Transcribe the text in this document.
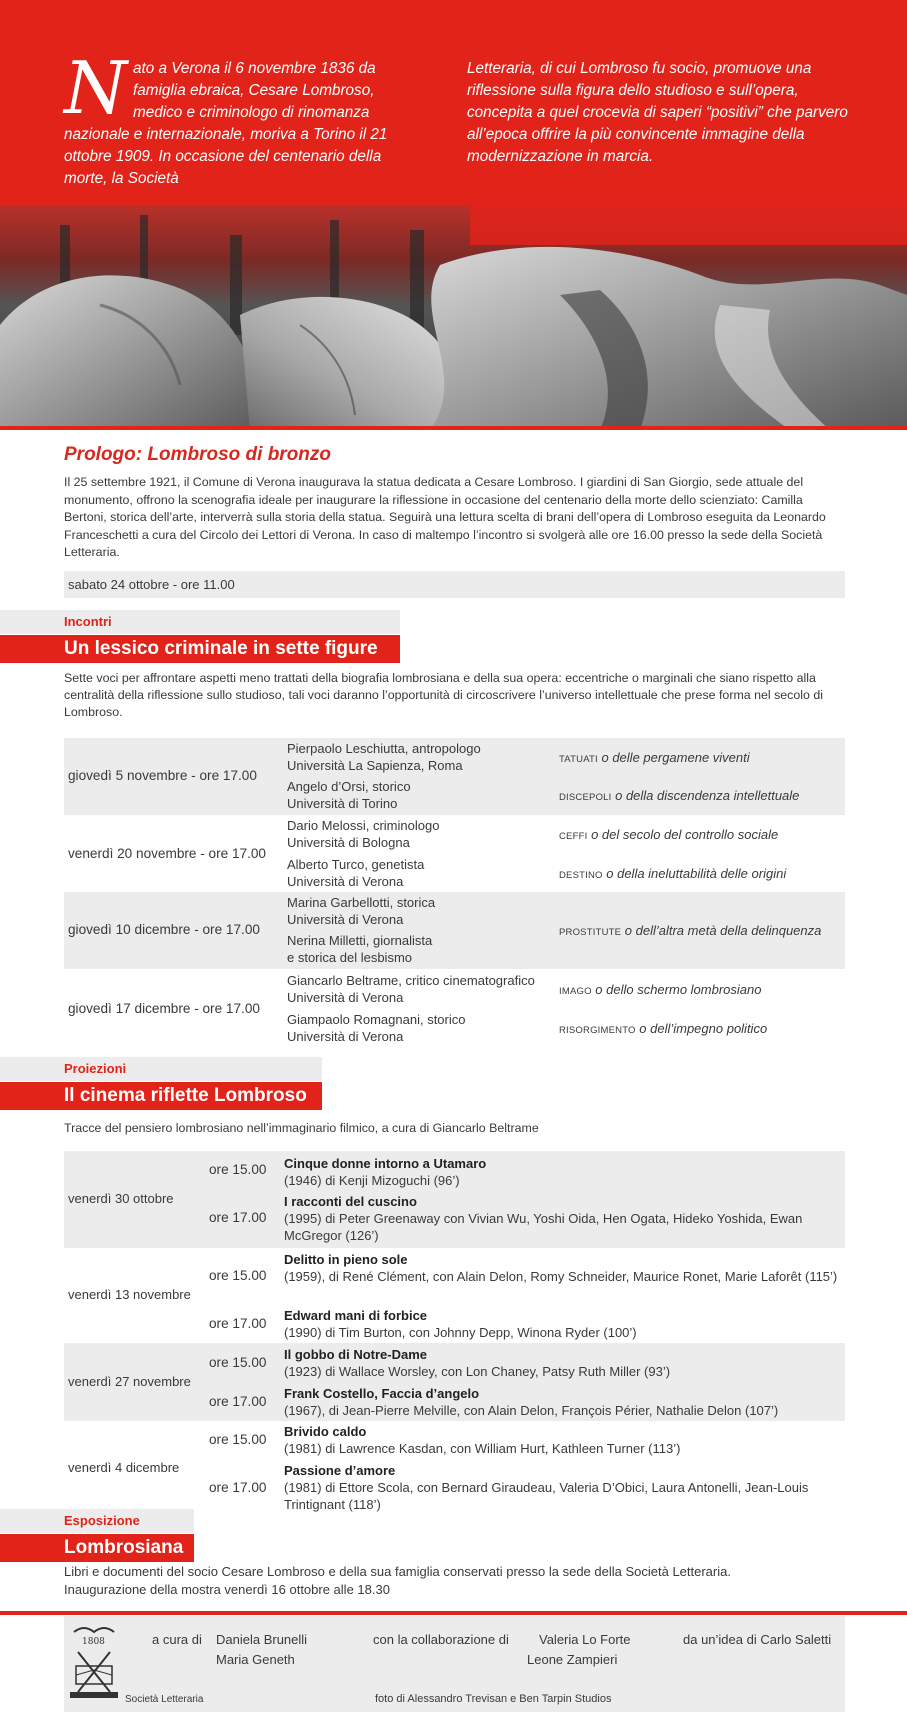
N ato a Verona il 6 novembre 1836 da famiglia ebraica, Cesare Lombroso, medico e criminologo di rinomanza nazionale e internazionale, moriva a Torino il 21 ottobre 1909. In occasione del centenario della morte, la Società
Letteraria, di cui Lombroso fu socio, promuove una riflessione sulla figura dello studioso e sull’opera, concepita a quel crocevia di saperi “positivi” che parvero all’epoca offrire la più convincente immagine della modernizzazione in marcia.
Prologo: Lombroso di bronzo
Il 25 settembre 1921, il Comune di Verona inaugurava la statua dedicata a Cesare Lombroso. I giardini di San Giorgio, sede attuale del monumento, offrono la scenografia ideale per inaugurare la riflessione in occasione del centenario della morte dello scienziato: Camilla Bertoni, storica dell’arte, interverrà sulla storia della statua. Seguirà una lettura scelta di brani dell’opera di Lombroso eseguita da Leonardo Franceschetti a cura del Circolo dei Lettori di Verona. In caso di maltempo l’incontro si svolgerà alle ore 16.00 presso la sede della Società Letteraria.
sabato 24 ottobre - ore 11.00
Incontri
Un lessico criminale in sette figure
Sette voci per affrontare aspetti meno trattati della biografia lombrosiana e della sua opera: eccentriche o marginali che siano rispetto alla centralità della riflessione sullo studioso, tali voci daranno l’opportunità di circoscrivere l’universo intellettuale che prese forma nel secolo di Lombroso.
giovedì 5 novembre - ore 17.00
Pierpaolo Leschiutta, antropologo
Università La Sapienza, Roma
Angelo d’Orsi, storico
Università di Torino
TATUATI o delle pergamene viventi
DISCEPOLI o della discendenza intellettuale
venerdì 20 novembre - ore 17.00
Dario Melossi, criminologo
Università di Bologna
Alberto Turco, genetista
Università di Verona
CEFFI o del secolo del controllo sociale
DESTINO o della ineluttabilità delle origini
giovedì 10 dicembre - ore 17.00
Marina Garbellotti, storica
Università di Verona
Nerina Milletti, giornalista
e storica del lesbismo
PROSTITUTE o dell’altra metà della delinquenza
giovedì 17 dicembre - ore 17.00
Giancarlo Beltrame, critico cinematografico
Università di Verona
Giampaolo Romagnani, storico
Università di Verona
IMAGO o dello schermo lombrosiano
RISORGIMENTO o dell’impegno politico
Proiezioni
Il cinema riflette Lombroso
Tracce del pensiero lombrosiano nell’immaginario filmico, a cura di Giancarlo Beltrame
venerdì 30 ottobre
ore 15.00 Cinque donne intorno a Utamaro
(1946) di Kenji Mizoguchi (96’)
ore 17.00
I racconti del cuscino
(1995) di Peter Greenaway con Vivian Wu, Yoshi Oida, Hen Ogata, Hideko Yoshida, Ewan McGregor (126’)
venerdì 13 novembre
ore 15.00
Delitto in pieno sole
(1959), di René Clément, con Alain Delon, Romy Schneider, Maurice Ronet, Marie Laforêt (115’)
ore 17.00
Edward mani di forbice
(1990) di Tim Burton, con Johnny Depp, Winona Ryder (100’)
venerdì 27 novembre
ore 15.00
Il gobbo di Notre-Dame
(1923) di Wallace Worsley, con Lon Chaney, Patsy Ruth Miller (93’)
ore 17.00
Frank Costello, Faccia d’angelo
(1967), di Jean-Pierre Melville, con Alain Delon, François Périer, Nathalie Delon (107’)
venerdì 4 dicembre
ore 15.00
Brivido caldo
(1981) di Lawrence Kasdan, con William Hurt, Kathleen Turner (113’)
ore 17.00
Passione d’amore
(1981) di Ettore Scola, con Bernard Giraudeau, Valeria D’Obici, Laura Antonelli, Jean-Louis Trintignant (118’)
Esposizione
Lombrosiana
Libri e documenti del socio Cesare Lombroso e della sua famiglia conservati presso la sede della Società Letteraria.
Inaugurazione della mostra venerdì 16 ottobre alle 18.30
1808
Società Letteraria
a cura di Daniela Brunelli
Maria Geneth
con la collaborazione di Valeria Lo Forte
Leone Zampieri
da un’idea di Carlo Saletti
foto di Alessandro Trevisan e Ben Tarpin Studios
